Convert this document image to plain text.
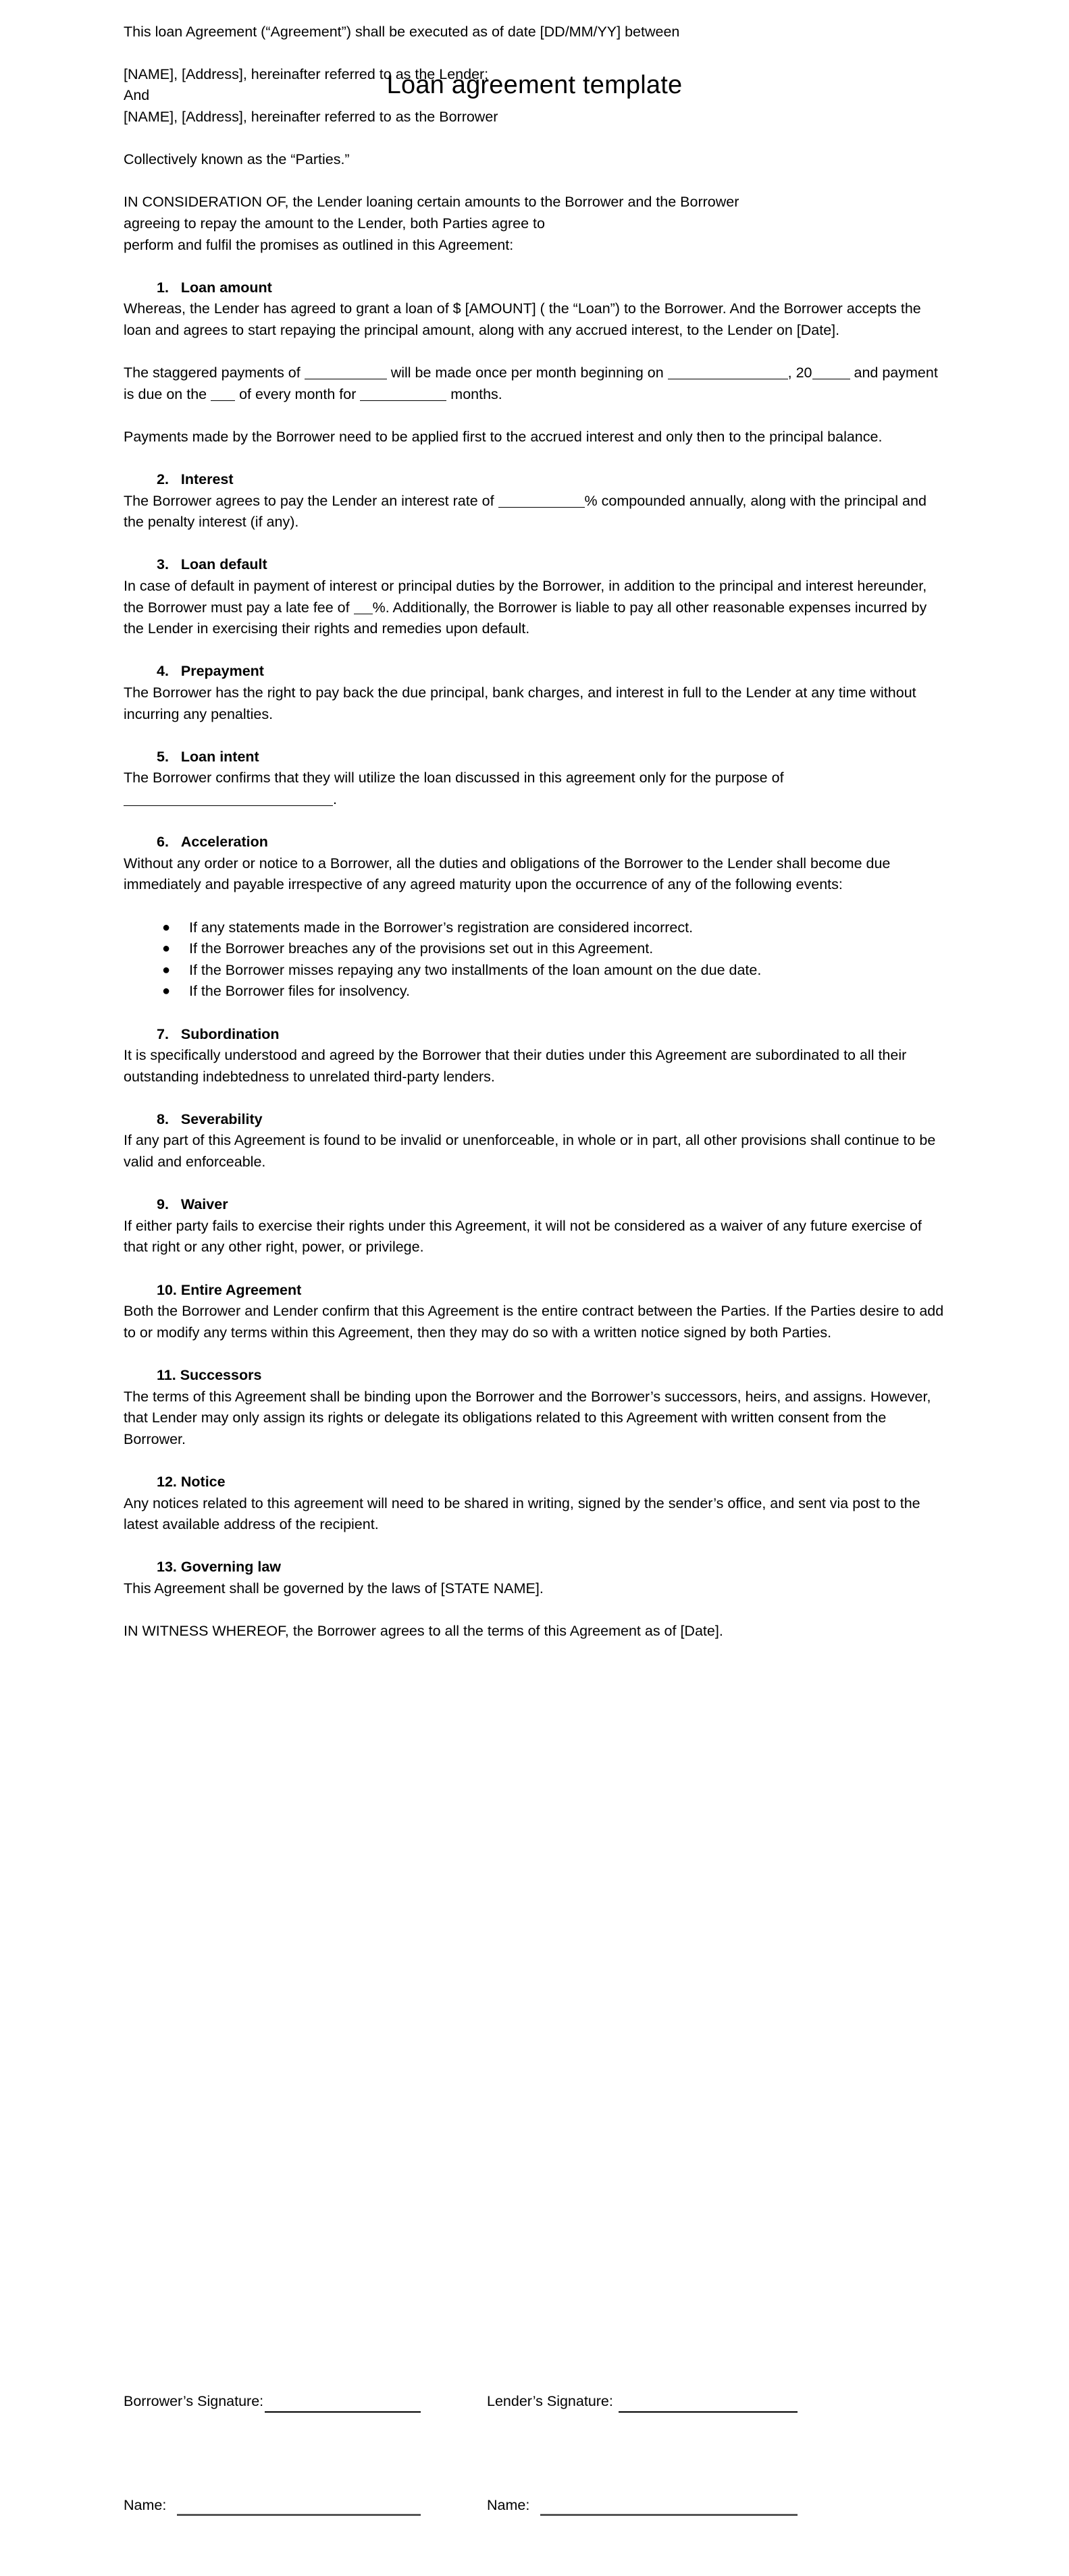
Loan agreement template

This loan Agreement (“Agreement”) shall be executed as of date [DD/MM/YY] between

[NAME], [Address], hereinafter referred to as the Lender;

And

[NAME], [Address], hereinafter referred to as the Borrower

Collectively known as the “Parties.”

IN CONSIDERATION OF, the Lender loaning certain amounts to the Borrower and the Borrower

agreeing to repay the amount to the Lender, both Parties agree to

perform and fulfil the promises as outlined in this Agreement:

1. Loan amount

Whereas, the Lender has agreed to grant a loan of $ [AMOUNT] ( the “Loan”) to the Borrower. And the Borrower accepts the loan and agrees to start repaying the principal amount, along with any accrued interest, to the Lender on [Date].

The staggered payments of	will be made once per month beginning on	, 20	and payment is due on the  of every month for	months.

Payments made by the Borrower need to be applied first to the accrued interest and only then to the principal balance.

2. Interest

The Borrower agrees to pay the Lender an interest rate of	% compounded annually, along with the principal and the penalty interest (if any).

3. Loan default

In case of default in payment of interest or principal duties by the Borrower, in addition to the principal and interest hereunder, the Borrower must pay a late fee of %. Additionally, the Borrower is liable to pay all other reasonable expenses incurred by the Lender in exercising their rights and remedies upon default.

4. Prepayment

The Borrower has the right to pay back the due principal, bank charges, and interest in full to the Lender at any time without incurring any penalties.

5. Loan intent

The Borrower confirms that they will utilize the loan discussed in this agreement only for the purpose of .

6. Acceleration

Without any order or notice to a Borrower, all the duties and obligations of the Borrower to the Lender shall become due immediately and payable irrespective of any agreed maturity upon the occurrence of any of the following events:

● If any statements made in the Borrower’s registration are considered incorrect.
● If the Borrower breaches any of the provisions set out in this Agreement.
● If the Borrower misses repaying any two installments of the loan amount on the due date.
● If the Borrower files for insolvency.
7. Subordination

It is specifically understood and agreed by the Borrower that their duties under this Agreement are subordinated to all their outstanding indebtedness to unrelated third-party lenders.

8. Severability

If any part of this Agreement is found to be invalid or unenforceable, in whole or in part, all other provisions shall continue to be valid and enforceable.

9. Waiver

If either party fails to exercise their rights under this Agreement, it will not be considered as a waiver of any future exercise of that right or any other right, power, or privilege.

10. Entire Agreement

Both the Borrower and Lender confirm that this Agreement is the entire contract between the Parties. If the Parties desire to add to or modify any terms within this Agreement, then they may do so with a written notice signed by both Parties.

11. Successors

The terms of this Agreement shall be binding upon the Borrower and the Borrower’s successors, heirs, and assigns. However, that Lender may only assign its rights or delegate its obligations related to this Agreement with written consent from the Borrower.

12. Notice

Any notices related to this agreement will need to be shared in writing, signed by the sender’s office, and sent via post to the latest available address of the recipient.

13. Governing law

This Agreement shall be governed by the laws of [STATE NAME].

IN WITNESS WHEREOF, the Borrower agrees to all the terms of this Agreement as of [Date].

Borrower’s Signature:	Lender’s Signature:
Name:	Name:
